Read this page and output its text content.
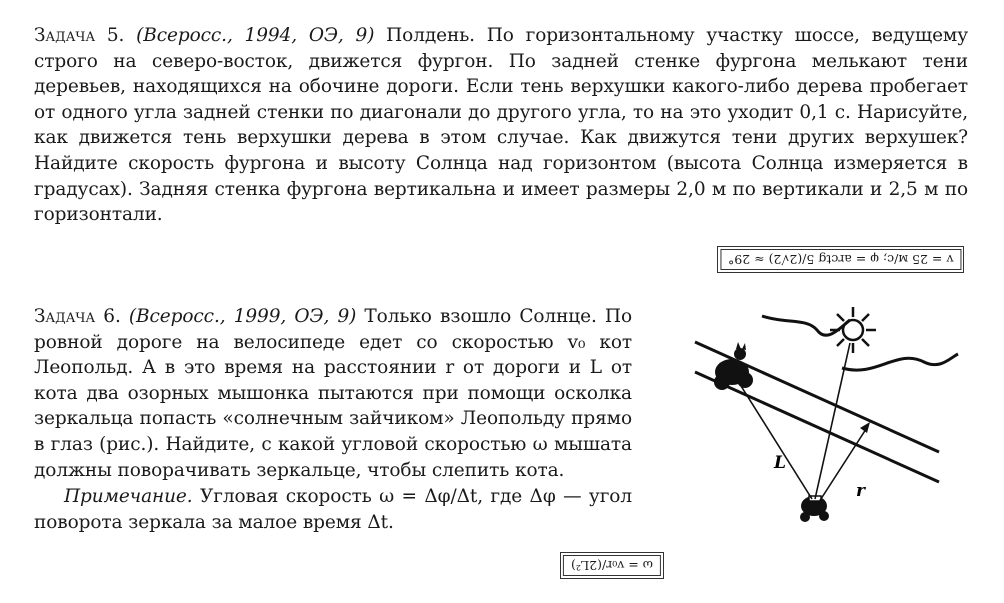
Задача 5. (Всеросс., 1994, ОЭ, 9) Полдень. По горизонтальному участку шоссе, ведущему строго на северо-восток, движется фургон. По задней стенке фургона мелькают тени деревьев, находящихся на обочине дороги. Если тень верхушки какого-либо дерева пробегает от одного угла задней стенки по диагонали до другого угла, то на это уходит 0,1 с. Нарисуйте, как движется тень верхушки дерева в этом случае. Как движутся тени других верхушек? Найдите скорость фургона и высоту Солнца над горизонтом (высота Солнца измеряется в градусах). Задняя стенка фургона вертикальна и имеет размеры 2,0 м по вертикали и 2,5 м по горизонтали.

v = 25 м/с; φ = arctg 5/(2√2) ≈ 29°

Задача 6. (Всеросс., 1999, ОЭ, 9) Только взошло Солнце. По ровной дороге на велосипеде едет со скоростью v₀ кот Леопольд. А в это время на расстоянии r от дороги и L от кота два озорных мышонка пытаются при помощи осколка зеркальца попасть «солнечным зайчиком» Леопольду прямо в глаз (рис.). Найдите, с какой угловой скоростью ω мышата должны поворачивать зеркальце, чтобы слепить кота.

Примечание. Угловая скорость ω = Δφ/Δt, где Δφ — угол поворота зеркала за малое время Δt.

ω = v₀r/(2L²)
L
r
